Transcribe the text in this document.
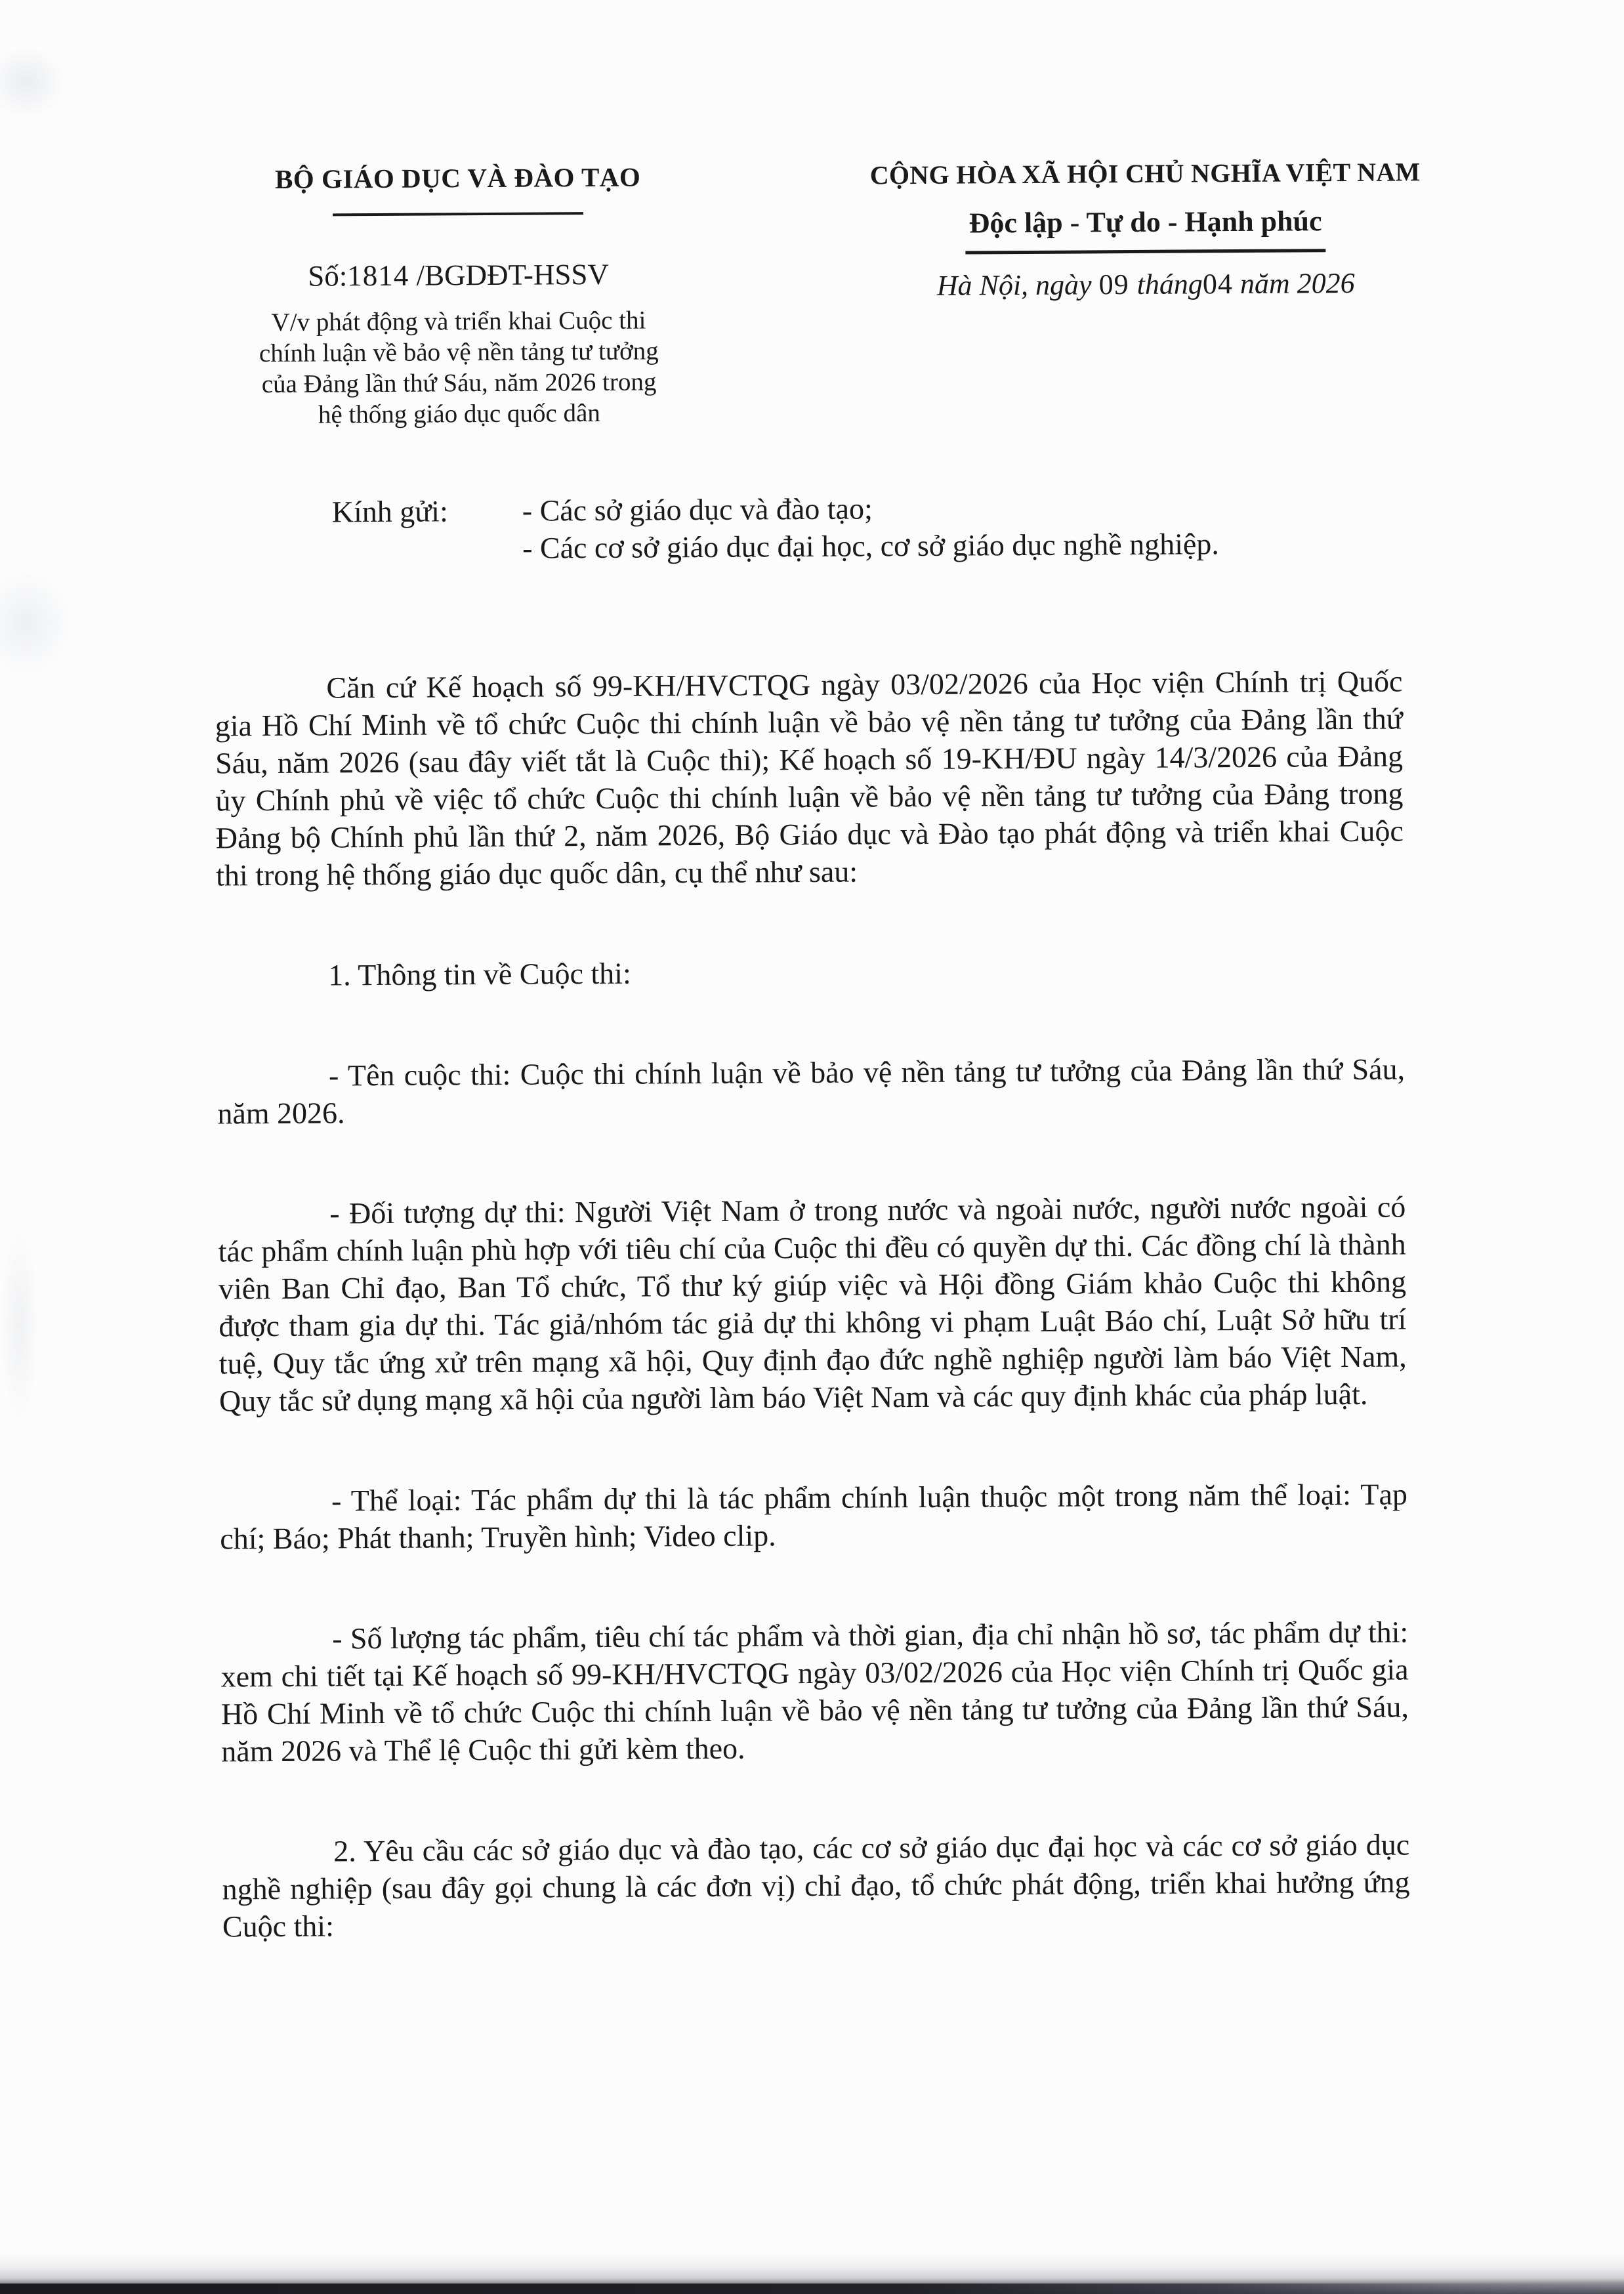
BỘ GIÁO DỤC VÀ ĐÀO TẠO
Số:1814 /BGDĐT-HSSV
V/v phát động và triển khai Cuộc thi
chính luận về bảo vệ nền tảng tư tưởng
của Đảng lần thứ Sáu, năm 2026 trong
hệ thống giáo dục quốc dân
CỘNG HÒA XÃ HỘI CHỦ NGHĨA VIỆT NAM
Độc lập - Tự do - Hạnh phúc
Hà Nội, ngày 09 tháng04 năm 2026
Kính gửi:	- Các sở giáo dục và đào tạo;
- Các cơ sở giáo dục đại học, cơ sở giáo dục nghề nghiệp.

Căn cứ Kế hoạch số 99-KH/HVCTQG ngày 03/02/2026 của Học viện Chính trị Quốc gia Hồ Chí Minh về tổ chức Cuộc thi chính luận về bảo vệ nền tảng tư tưởng của Đảng lần thứ Sáu, năm 2026 (sau đây viết tắt là Cuộc thi); Kế hoạch số 19-KH/ĐU ngày 14/3/2026 của Đảng ủy Chính phủ về việc tổ chức Cuộc thi chính luận về bảo vệ nền tảng tư tưởng của Đảng trong Đảng bộ Chính phủ lần thứ 2, năm 2026, Bộ Giáo dục và Đào tạo phát động và triển khai Cuộc thi trong hệ thống giáo dục quốc dân, cụ thể như sau:

1. Thông tin về Cuộc thi:

- Tên cuộc thi: Cuộc thi chính luận về bảo vệ nền tảng tư tưởng của Đảng lần thứ Sáu, năm 2026.

- Đối tượng dự thi: Người Việt Nam ở trong nước và ngoài nước, người nước ngoài có tác phẩm chính luận phù hợp với tiêu chí của Cuộc thi đều có quyền dự thi. Các đồng chí là thành viên Ban Chỉ đạo, Ban Tổ chức, Tổ thư ký giúp việc và Hội đồng Giám khảo Cuộc thi không được tham gia dự thi. Tác giả/nhóm tác giả dự thi không vi phạm Luật Báo chí, Luật Sở hữu trí tuệ, Quy tắc ứng xử trên mạng xã hội, Quy định đạo đức nghề nghiệp người làm báo Việt Nam, Quy tắc sử dụng mạng xã hội của người làm báo Việt Nam và các quy định khác của pháp luật.

- Thể loại: Tác phẩm dự thi là tác phẩm chính luận thuộc một trong năm thể loại: Tạp chí; Báo; Phát thanh; Truyền hình; Video clip.

- Số lượng tác phẩm, tiêu chí tác phẩm và thời gian, địa chỉ nhận hồ sơ, tác phẩm dự thi: xem chi tiết tại Kế hoạch số 99-KH/HVCTQG ngày 03/02/2026 của Học viện Chính trị Quốc gia Hồ Chí Minh về tổ chức Cuộc thi chính luận về bảo vệ nền tảng tư tưởng của Đảng lần thứ Sáu, năm 2026 và Thể lệ Cuộc thi gửi kèm theo.

2. Yêu cầu các sở giáo dục và đào tạo, các cơ sở giáo dục đại học và các cơ sở giáo dục nghề nghiệp (sau đây gọi chung là các đơn vị) chỉ đạo, tổ chức phát động, triển khai hưởng ứng Cuộc thi:
